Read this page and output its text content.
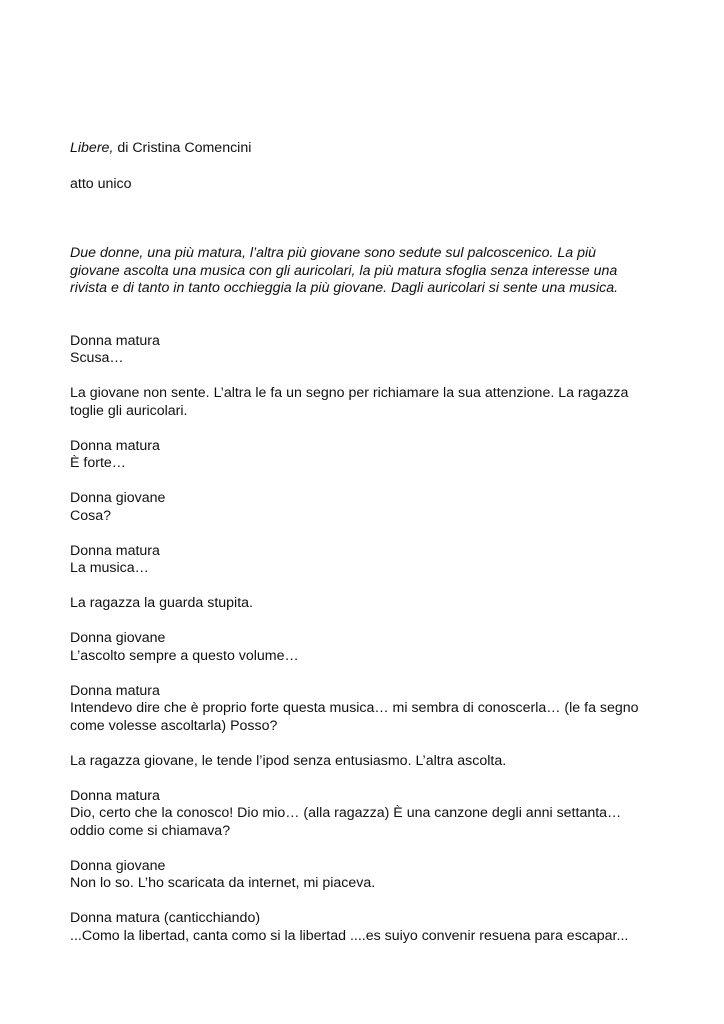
Libere, di Cristina Comencini

atto unico

Due donne, una più matura, l’altra più giovane sono sedute sul palcoscenico. La più

giovane ascolta una musica con gli auricolari, la più matura sfoglia senza interesse una

rivista e di tanto in tanto occhieggia la più giovane. Dagli auricolari si sente una musica.

Donna matura

Scusa…

La giovane non sente. L’altra le fa un segno per richiamare la sua attenzione. La ragazza

toglie gli auricolari.

Donna matura

È forte…

Donna giovane

Cosa?

Donna matura

La musica…

La ragazza la guarda stupita.

Donna giovane

L’ascolto sempre a questo volume…

Donna matura

Intendevo dire che è proprio forte questa musica… mi sembra di conoscerla… (le fa segno

come volesse ascoltarla) Posso?

La ragazza giovane, le tende l’ipod senza entusiasmo. L’altra ascolta.

Donna matura

Dio, certo che la conosco! Dio mio… (alla ragazza) È una canzone degli anni settanta…

oddio come si chiamava?

Donna giovane

Non lo so. L’ho scaricata da internet, mi piaceva.

Donna matura (canticchiando)

...Como la libertad, canta como si la libertad ....es suiyo convenir resuena para escapar...
